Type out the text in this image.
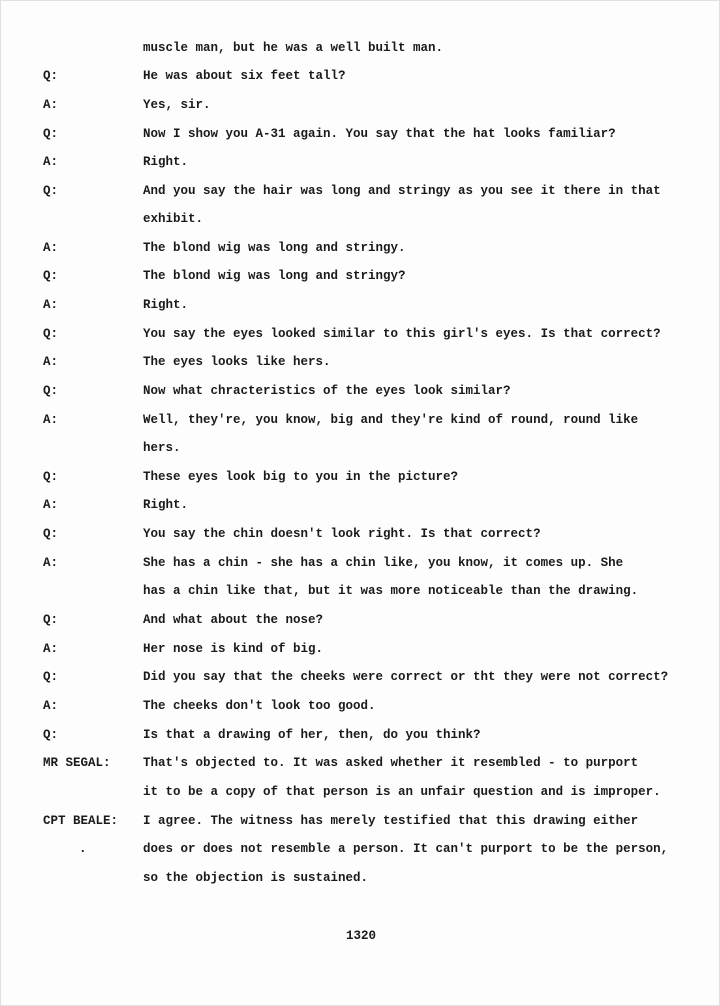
muscle man, but he was a well built man.
Q:	He was about six feet tall?
A:	Yes, sir.
Q:	Now I show you A-31 again. You say that the hat looks familiar?
A:	Right.
Q:	And you say the hair was long and stringy as you see it there in that
exhibit.
A:	The blond wig was long and stringy.
Q:	The blond wig was long and stringy?
A:	Right.
Q:	You say the eyes looked similar to this girl's eyes. Is that correct?
A:	The eyes looks like hers.
Q:	Now what chracteristics of the eyes look similar?
A:	Well, they're, you know, big and they're kind of round, round like
hers.
Q:	These eyes look big to you in the picture?
A:	Right.
Q:	You say the chin doesn't look right. Is that correct?
A:	She has a chin - she has a chin like, you know, it comes up. She
has a chin like that, but it was more noticeable than the drawing.
Q:	And what about the nose?
A:	Her nose is kind of big.
Q:	Did you say that the cheeks were correct or tht they were not correct?
A:	The cheeks don't look too good.
Q:	Is that a drawing of her, then, do you think?
MR SEGAL:	That's objected to. It was asked whether it resembled - to purport
it to be a copy of that person is an unfair question and is improper.
CPT BEALE: I agree. The witness has merely testified that this drawing either
.	does or does not resemble a person. It can't purport to be the person,
so the objection is sustained.
1320
